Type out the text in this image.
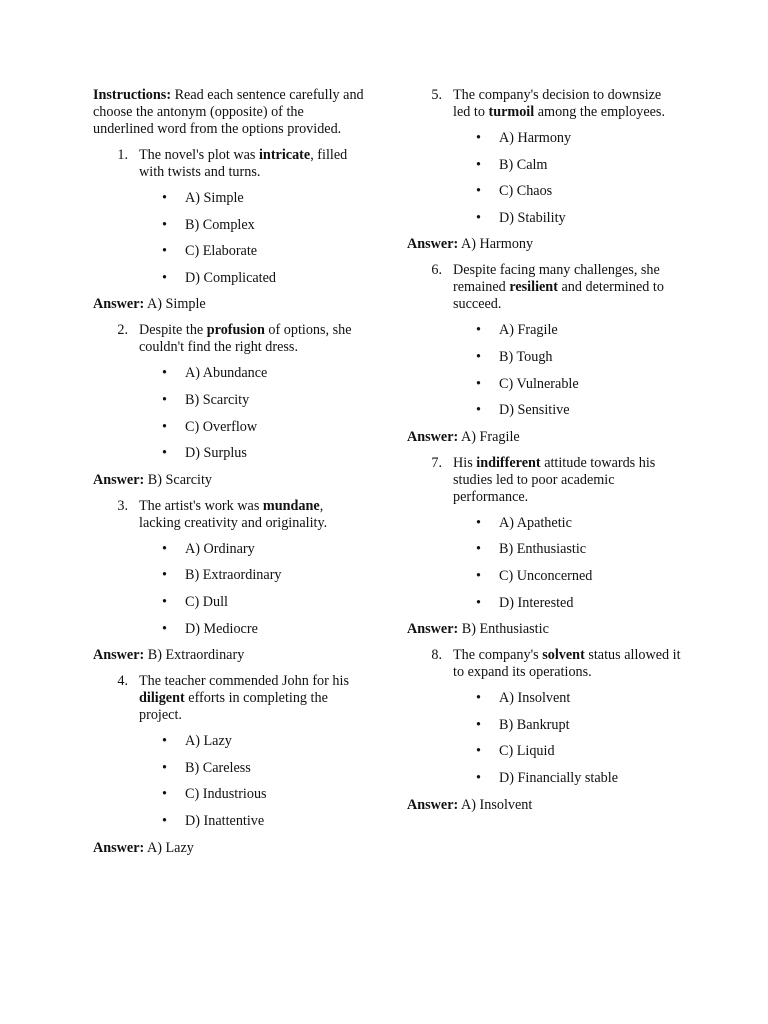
Instructions: Read each sentence carefully and choose the antonym (opposite) of the underlined word from the options provided.

1. The novel's plot was intricate, filled with twists and turns.
• A) Simple
• B) Complex
• C) Elaborate
• D) Complicated

Answer: A) Simple

2. Despite the profusion of options, she couldn't find the right dress.
• A) Abundance
• B) Scarcity
• C) Overflow
• D) Surplus

Answer: B) Scarcity

3. The artist's work was mundane, lacking creativity and originality.
• A) Ordinary
• B) Extraordinary
• C) Dull
• D) Mediocre

Answer: B) Extraordinary

4. The teacher commended John for his diligent efforts in completing the project.
• A) Lazy
• B) Careless
• C) Industrious
• D) Inattentive

Answer: A) Lazy

5. The company's decision to downsize led to turmoil among the employees.
• A) Harmony
• B) Calm
• C) Chaos
• D) Stability

Answer: A) Harmony

6. Despite facing many challenges, she remained resilient and determined to succeed.
• A) Fragile
• B) Tough
• C) Vulnerable
• D) Sensitive

Answer: A) Fragile

7. His indifferent attitude towards his studies led to poor academic performance.
• A) Apathetic
• B) Enthusiastic
• C) Unconcerned
• D) Interested

Answer: B) Enthusiastic

8. The company's solvent status allowed it to expand its operations.
• A) Insolvent
• B) Bankrupt
• C) Liquid
• D) Financially stable

Answer: A) Insolvent
